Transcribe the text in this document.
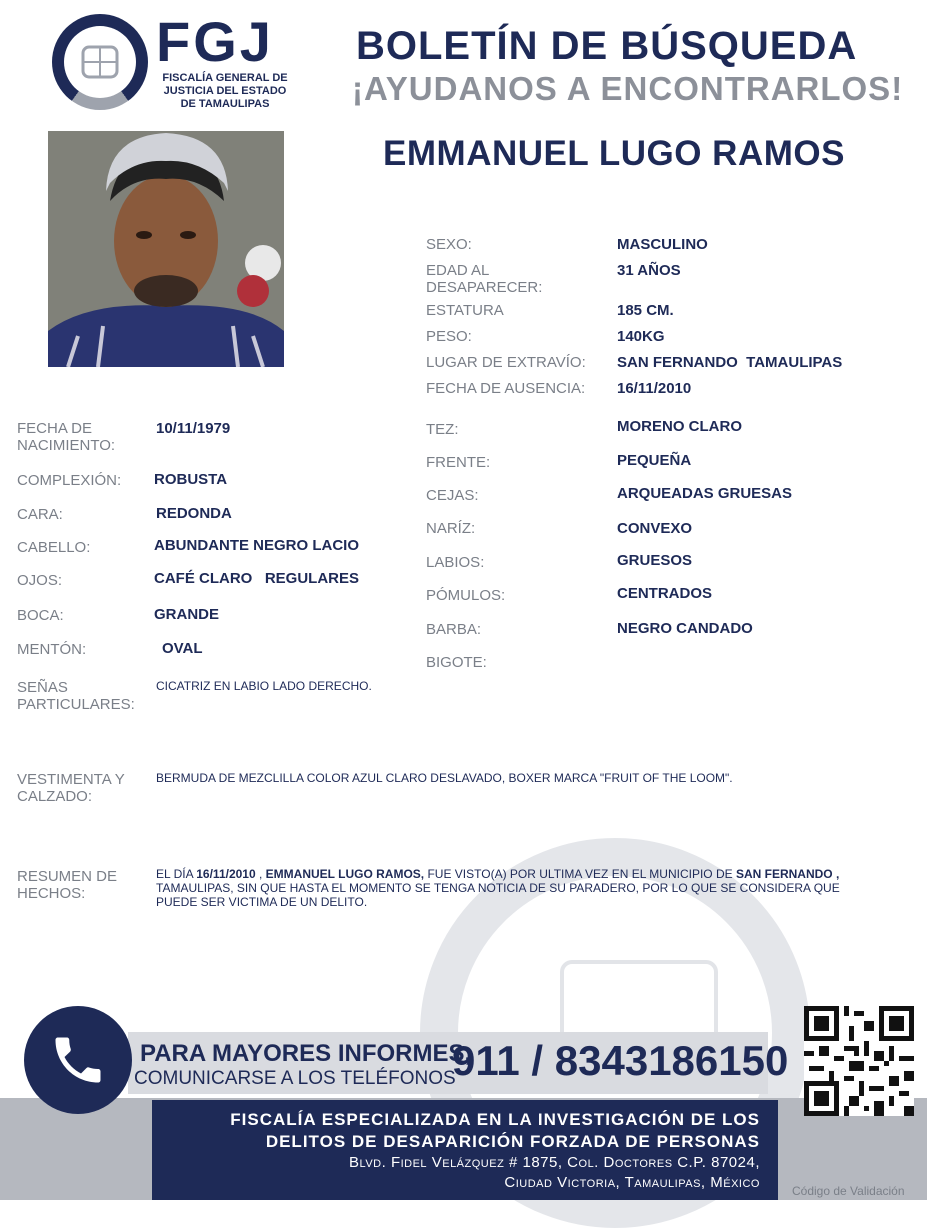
FGJ
FISCALÍA GENERAL DE
JUSTICIA DEL ESTADO
DE TAMAULIPAS
BOLETÍN DE BÚSQUEDA
¡AYUDANOS A ENCONTRARLOS!
EMMANUEL LUGO RAMOS
SEXO:	MASCULINO
EDAD AL DESAPARECER:
31 AÑOS
ESTATURA	185 CM.
PESO:	140KG
LUGAR DE EXTRAVÍO: SAN FERNANDO  TAMAULIPAS
FECHA DE AUSENCIA: 16/11/2010
FECHA DE NACIMIENTO:
10/11/1979
COMPLEXIÓN: ROBUSTA
CARA:	REDONDA
CABELLO:	ABUNDANTE NEGRO LACIO
OJOS:	CAFÉ CLARO   REGULARES
BOCA:	GRANDE
MENTÓN:	OVAL
SEÑAS PARTICULARES:
CICATRIZ EN LABIO LADO DERECHO.
TEZ:	MORENO CLARO
FRENTE:	PEQUEÑA
CEJAS:	ARQUEADAS GRUESAS
NARÍZ:	CONVEXO
LABIOS:	GRUESOS
PÓMULOS:	CENTRADOS
BARBA:	NEGRO CANDADO
BIGOTE:
VESTIMENTA Y CALZADO:
BERMUDA DE MEZCLILLA COLOR AZUL CLARO DESLAVADO, BOXER MARCA "FRUIT OF THE LOOM".
RESUMEN DE HECHOS:
EL DÍA 16/11/2010 , EMMANUEL LUGO RAMOS, FUE VISTO(A) POR ULTIMA VEZ EN EL MUNICIPIO DE SAN FERNANDO , TAMAULIPAS, SIN QUE HASTA EL MOMENTO SE TENGA NOTICIA DE SU PARADERO, POR LO QUE SE CONSIDERA QUE PUEDE SER VICTIMA DE UN DELITO.
PARA MAYORES INFORMES,
COMUNICARSE A LOS TELÉFONOS
911 / 8343186150
FISCALÍA ESPECIALIZADA EN LA INVESTIGACIÓN DE LOS
DELITOS DE DESAPARICIÓN FORZADA DE PERSONAS
Blvd. Fidel Velázquez # 1875, Col. Doctores C.P. 87024,
Ciudad Victoria, Tamaulipas, México	Código de Validación
